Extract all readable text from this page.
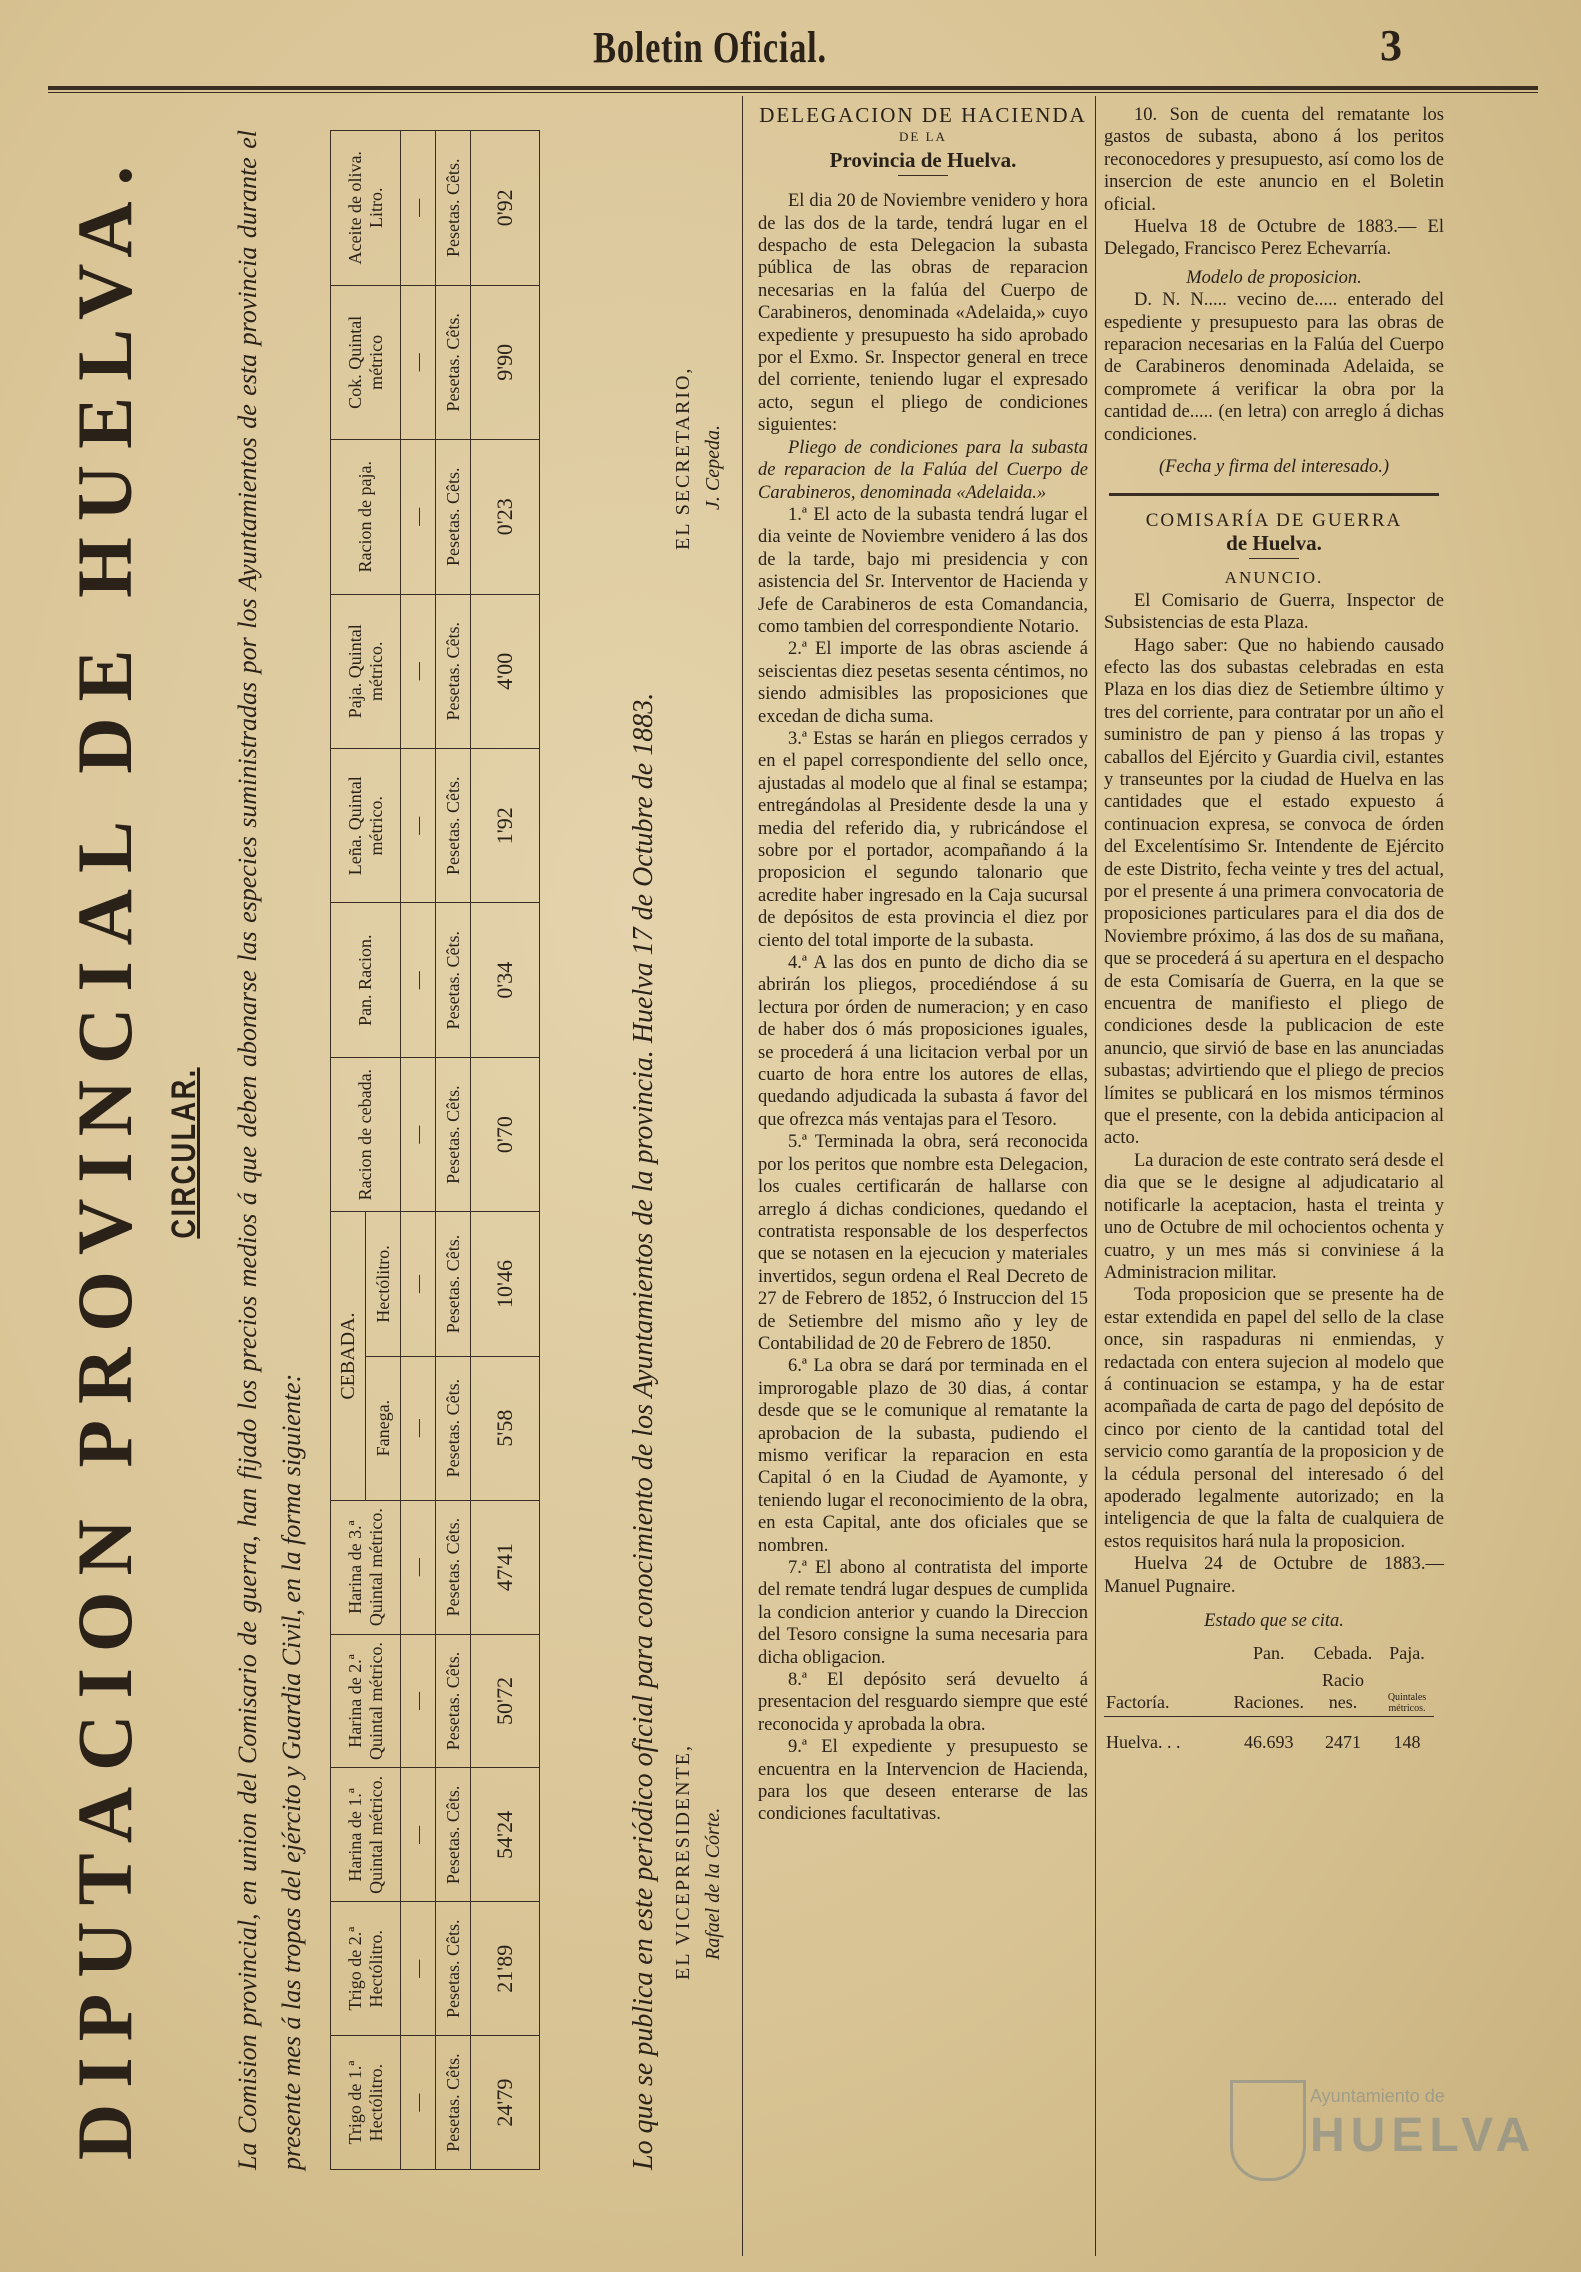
Boletin Oficial.	3
DIPUTACION PROVINCIAL DE HUELVA. CIRCULAR. La Comision provincial, en union del Comisario de guerra, han fijado los precios medios á que deben abonarse las especies suministradas por los Ayuntamientos de esta provincia durante el presente mes á las tropas del ejército y Guardia Civil, en la forma siguiente:	Trigo de 1.ª Hectólitro.	Trigo de 2.ª Hectólitro.	Harina de 1.ª Quintal métrico.	Harina de 2.ª Quintal métrico.	Harina de 3.ª Quintal métrico.	CEBADA.		Racion de cebada.	Pan. Racion.	Leña. Quintal métrico.	Paja. Quintal métrico.	Racion de paja.	Cok. Quintal métrico	Aceite de oliva. Litro.
					Fanega.	Hectólitro.							
—	—	—	—	—	—	—	—	—	—	—	—	—	—
Pesetas. Cêts.	Pesetas. Cêts.	Pesetas. Cêts.	Pesetas. Cêts.	Pesetas. Cêts.	Pesetas. Cêts.	Pesetas. Cêts.	Pesetas. Cêts.	Pesetas. Cêts.	Pesetas. Cêts.	Pesetas. Cêts.	Pesetas. Cêts.	Pesetas. Cêts.	Pesetas. Cêts.
24'79	21'89	54'24	50'72	47'41	5'58	10'46	0'70	0'34	1'92	4'00	0'23	9'90	0'92
Lo que se publica en este periódico oficial para conocimiento de los Ayuntamientos de la provincia. Huelva 17 de Octubre de 1883. EL VICEPRESIDENTE, Rafael de la Córte.
EL SECRETARIO, J. Cepeda.

DELEGACION DE HACIENDA

DE LA

Provincia de Huelva.

El dia 20 de Noviembre venidero y hora de las dos de la tarde, tendrá lugar en el despacho de esta Delegacion la subasta pública de las obras de reparacion necesarias en la falúa del Cuerpo de Carabineros, denominada «Adelaida,» cuyo expediente y presupuesto ha sido aprobado por el Exmo. Sr. Inspector general en trece del corriente, teniendo lugar el expresado acto, segun el pliego de condiciones siguientes:

Pliego de condiciones para la subasta de reparacion de la Falúa del Cuerpo de Carabineros, denominada «Adelaida.»

1.ª El acto de la subasta tendrá lugar el dia veinte de Noviembre venidero á las dos de la tarde, bajo mi presidencia y con asistencia del Sr. Interventor de Hacienda y Jefe de Carabineros de esta Comandancia, como tambien del correspondiente Notario.

2.ª El importe de las obras asciende á seiscientas diez pesetas sesenta céntimos, no siendo admisibles las proposiciones que excedan de dicha suma.

3.ª Estas se harán en pliegos cerrados y en el papel correspondiente del sello once, ajustadas al modelo que al final se estampa; entregándolas al Presidente desde la una y media del referido dia, y rubricándose el sobre por el portador, acompañando á la proposicion el segundo talonario que acredite haber ingresado en la Caja sucursal de depósitos de esta provincia el diez por ciento del total importe de la subasta.

4.ª A las dos en punto de dicho dia se abrirán los pliegos, procediéndose á su lectura por órden de numeracion; y en caso de haber dos ó más proposiciones iguales, se procederá á una licitacion verbal por un cuarto de hora entre los autores de ellas, quedando adjudicada la subasta á favor del que ofrezca más ventajas para el Tesoro.

5.ª Terminada la obra, será reconocida por los peritos que nombre esta Delegacion, los cuales certificarán de hallarse con arreglo á dichas condiciones, quedando el contratista responsable de los desperfectos que se notasen en la ejecucion y materiales invertidos, segun ordena el Real Decreto de 27 de Febrero de 1852, ó Instruccion del 15 de Setiembre del mismo año y ley de Contabilidad de 20 de Febrero de 1850.

6.ª La obra se dará por terminada en el improrogable plazo de 30 dias, á contar desde que se le comunique al rematante la aprobacion de la subasta, pudiendo el mismo verificar la reparacion en esta Capital ó en la Ciudad de Ayamonte, y teniendo lugar el reconocimiento de la obra, en esta Capital, ante dos oficiales que se nombren.

7.ª El abono al contratista del importe del remate tendrá lugar despues de cumplida la condicion anterior y cuando la Direccion del Tesoro consigne la suma necesaria para dicha obligacion.

8.ª El depósito será devuelto á presentacion del resguardo siempre que esté reconocida y aprobada la obra.

9.ª El expediente y presupuesto se encuentra en la Intervencion de Hacienda, para los que deseen enterarse de las condiciones facultativas.

10. Son de cuenta del rematante los gastos de subasta, abono á los peritos reconocedores y presupuesto, así como los de insercion de este anuncio en el Boletin oficial.

Huelva 18 de Octubre de 1883.— El Delegado, Francisco Perez Echevarría.

Modelo de proposicion.

D. N. N..... vecino de..... enterado del espediente y presupuesto para las obras de reparacion necesarias en la Falúa del Cuerpo de Carabineros denominada Adelaida, se compromete á verificar la obra por la cantidad de..... (en letra) con arreglo á dichas condiciones.

(Fecha y firma del interesado.)

COMISARÍA DE GUERRA

de Huelva.

ANUNCIO.

El Comisario de Guerra, Inspector de Subsistencias de esta Plaza.

Hago saber: Que no habiendo causado efecto las dos subastas celebradas en esta Plaza en los dias diez de Setiembre último y tres del corriente, para contratar por un año el suministro de pan y pienso á las tropas y caballos del Ejército y Guardia civil, estantes y transeuntes por la ciudad de Huelva en las cantidades que el estado expuesto á continuacion expresa, se convoca de órden del Excelentísimo Sr. Intendente de Ejército de este Distrito, fecha veinte y tres del actual, por el presente á una primera convocatoria de proposiciones particulares para el dia dos de Noviembre próximo, á las dos de su mañana, que se procederá á su apertura en el despacho de esta Comisaría de Guerra, en la que se encuentra de manifiesto el pliego de condiciones desde la publicacion de este anuncio, que sirvió de base en las anunciadas subastas; advirtiendo que el pliego de precios límites se publicará en los mismos términos que el presente, con la debida anticipacion al acto.

La duracion de este contrato será desde el dia que se le designe al adjudicatario al notificarle la aceptacion, hasta el treinta y uno de Octubre de mil ochocientos ochenta y cuatro, y un mes más si conviniese á la Administracion militar.

Toda proposicion que se presente ha de estar extendida en papel del sello de la clase once, sin raspaduras ni enmiendas, y redactada con entera sujecion al modelo que á continuacion se estampa, y ha de estar acompañada de carta de pago del depósito de cinco por ciento de la cantidad total del servicio como garantía de la proposicion y de la cédula personal del interesado ó del apoderado legalmente autorizado; en la inteligencia de que la falta de cualquiera de estos requisitos hará nula la proposicion.

Huelva 24 de Octubre de 1883.— Manuel Pugnaire.

Estado que se cita.

	Pan.	Cebada.	Paja.
Factoría.	Raciones.	Racio nes.	Quintales métricos.
Huelva. . .	46.693	2471	148
Ayuntamiento de
HUELVA
